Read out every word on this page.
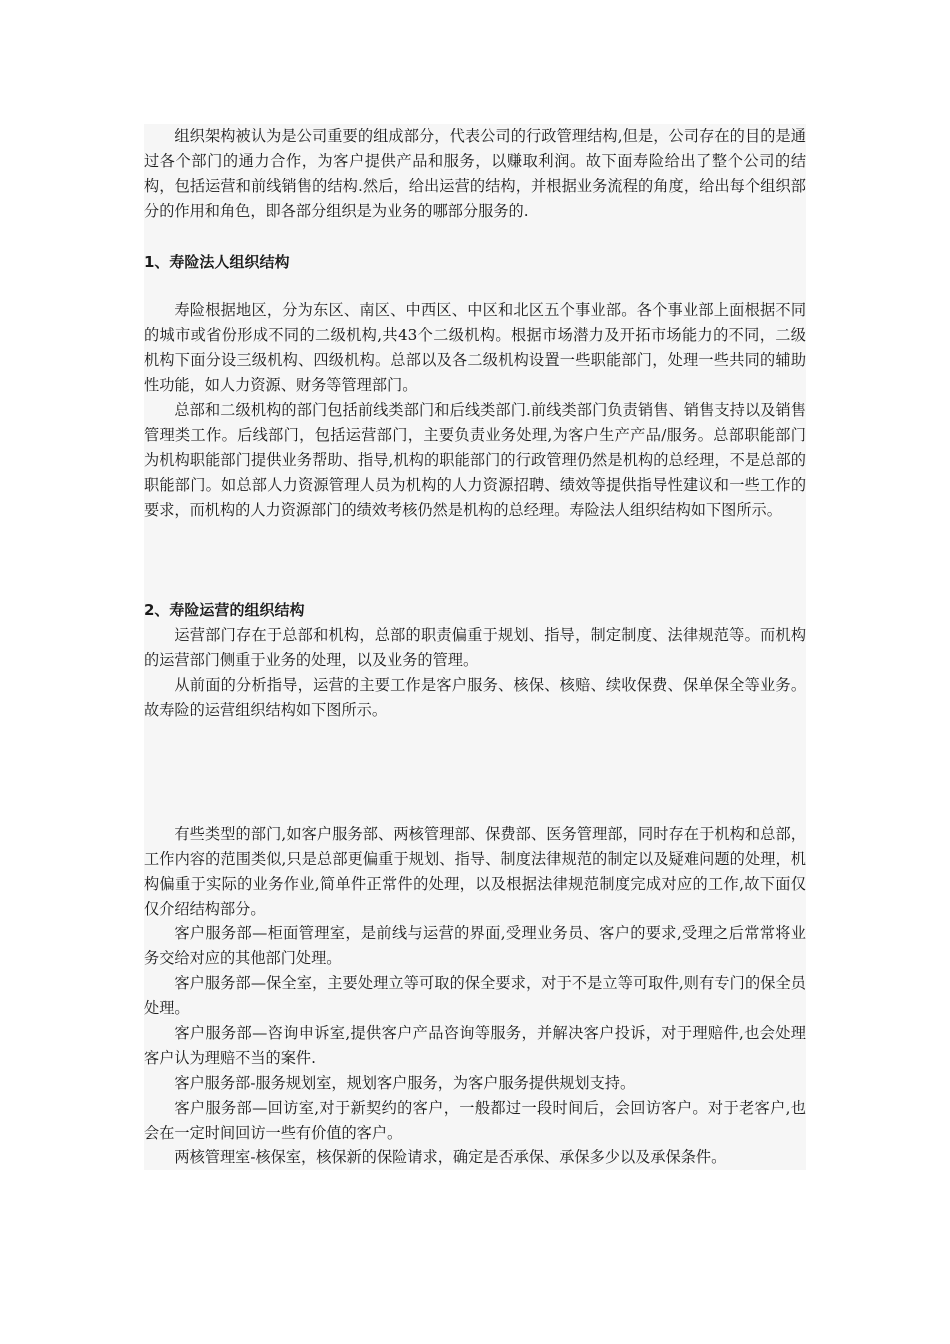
组织架构被认为是公司重要的组成部分，代表公司的行政管理结构,但是，公司存在的目的是通过各个部门的通力合作，为客户提供产品和服务，以赚取利润。故下面寿险给出了整个公司的结构，包括运营和前线销售的结构.然后，给出运营的结构，并根据业务流程的角度，给出每个组织部分的作用和角色，即各部分组织是为业务的哪部分服务的.

1、寿险法人组织结构

寿险根据地区，分为东区、南区、中西区、中区和北区五个事业部。各个事业部上面根据不同的城市或省份形成不同的二级机构,共43个二级机构。根据市场潜力及开拓市场能力的不同，二级机构下面分设三级机构、四级机构。总部以及各二级机构设置一些职能部门，处理一些共同的辅助性功能，如人力资源、财务等管理部门。

总部和二级机构的部门包括前线类部门和后线类部门.前线类部门负责销售、销售支持以及销售管理类工作。后线部门，包括运营部门，主要负责业务处理,为客户生产产品/服务。总部职能部门为机构职能部门提供业务帮助、指导,机构的职能部门的行政管理仍然是机构的总经理，不是总部的职能部门。如总部人力资源管理人员为机构的人力资源招聘、绩效等提供指导性建议和一些工作的要求，而机构的人力资源部门的绩效考核仍然是机构的总经理。寿险法人组织结构如下图所示。

2、寿险运营的组织结构

运营部门存在于总部和机构，总部的职责偏重于规划、指导，制定制度、法律规范等。而机构的运营部门侧重于业务的处理，以及业务的管理。

从前面的分析指导，运营的主要工作是客户服务、核保、核赔、续收保费、保单保全等业务。故寿险的运营组织结构如下图所示。

有些类型的部门,如客户服务部、两核管理部、保费部、医务管理部，同时存在于机构和总部，工作内容的范围类似,只是总部更偏重于规划、指导、制度法律规范的制定以及疑难问题的处理，机构偏重于实际的业务作业,简单件正常件的处理，以及根据法律规范制度完成对应的工作,故下面仅仅介绍结构部分。

客户服务部—柜面管理室，是前线与运营的界面,受理业务员、客户的要求,受理之后常常将业务交给对应的其他部门处理。

客户服务部—保全室，主要处理立等可取的保全要求，对于不是立等可取件,则有专门的保全员处理。

客户服务部—咨询申诉室,提供客户产品咨询等服务，并解决客户投诉，对于理赔件,也会处理客户认为理赔不当的案件.

客户服务部-服务规划室，规划客户服务，为客户服务提供规划支持。

客户服务部—回访室,对于新契约的客户，一般都过一段时间后，会回访客户。对于老客户,也会在一定时间回访一些有价值的客户。

两核管理室-核保室，核保新的保险请求，确定是否承保、承保多少以及承保条件。
